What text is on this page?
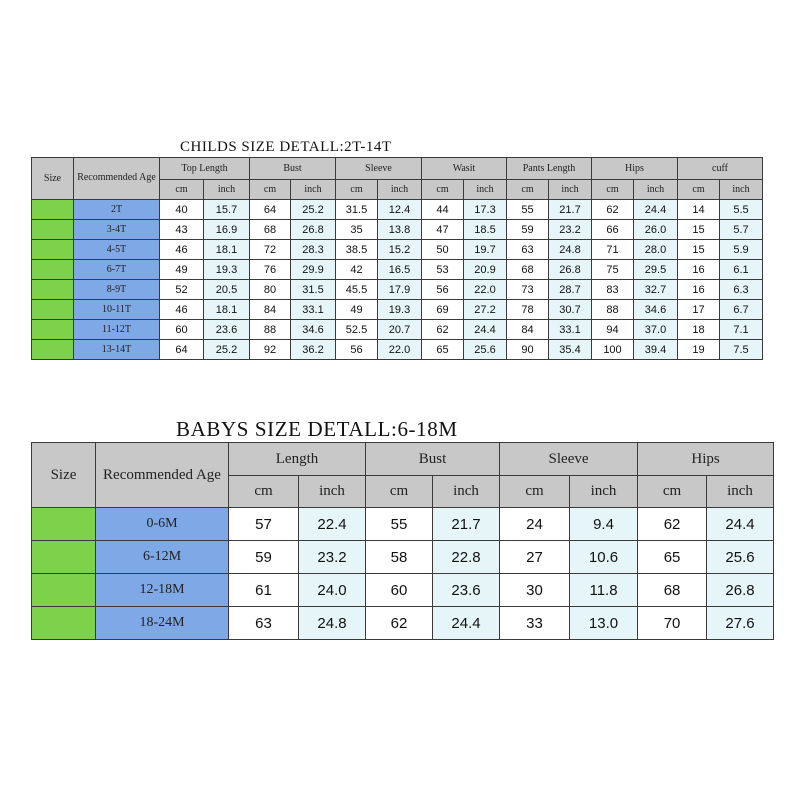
CHILDS SIZE DETALL:2T-14T
Size	Recommended Age	Top Length		Bust		Sleeve		Wasit		Pants Length		Hips		cuff	
		cm	inch	cm	inch	cm	inch	cm	inch	cm	inch	cm	inch	cm	inch
	2T	40	15.7	64	25.2	31.5	12.4	44	17.3	55	21.7	62	24.4	14	5.5
	3-4T	43	16.9	68	26.8	35	13.8	47	18.5	59	23.2	66	26.0	15	5.7
	4-5T	46	18.1	72	28.3	38.5	15.2	50	19.7	63	24.8	71	28.0	15	5.9
	6-7T	49	19.3	76	29.9	42	16.5	53	20.9	68	26.8	75	29.5	16	6.1
	8-9T	52	20.5	80	31.5	45.5	17.9	56	22.0	73	28.7	83	32.7	16	6.3
	10-11T	46	18.1	84	33.1	49	19.3	69	27.2	78	30.7	88	34.6	17	6.7
	11-12T	60	23.6	88	34.6	52.5	20.7	62	24.4	84	33.1	94	37.0	18	7.1
	13-14T	64	25.2	92	36.2	56	22.0	65	25.6	90	35.4	100	39.4	19	7.5
BABYS SIZE DETALL:6-18M
Size	Recommended Age	Length		Bust		Sleeve		Hips	
		cm	inch	cm	inch	cm	inch	cm	inch
	0-6M	57	22.4	55	21.7	24	9.4	62	24.4
	6-12M	59	23.2	58	22.8	27	10.6	65	25.6
	12-18M	61	24.0	60	23.6	30	11.8	68	26.8
	18-24M	63	24.8	62	24.4	33	13.0	70	27.6
